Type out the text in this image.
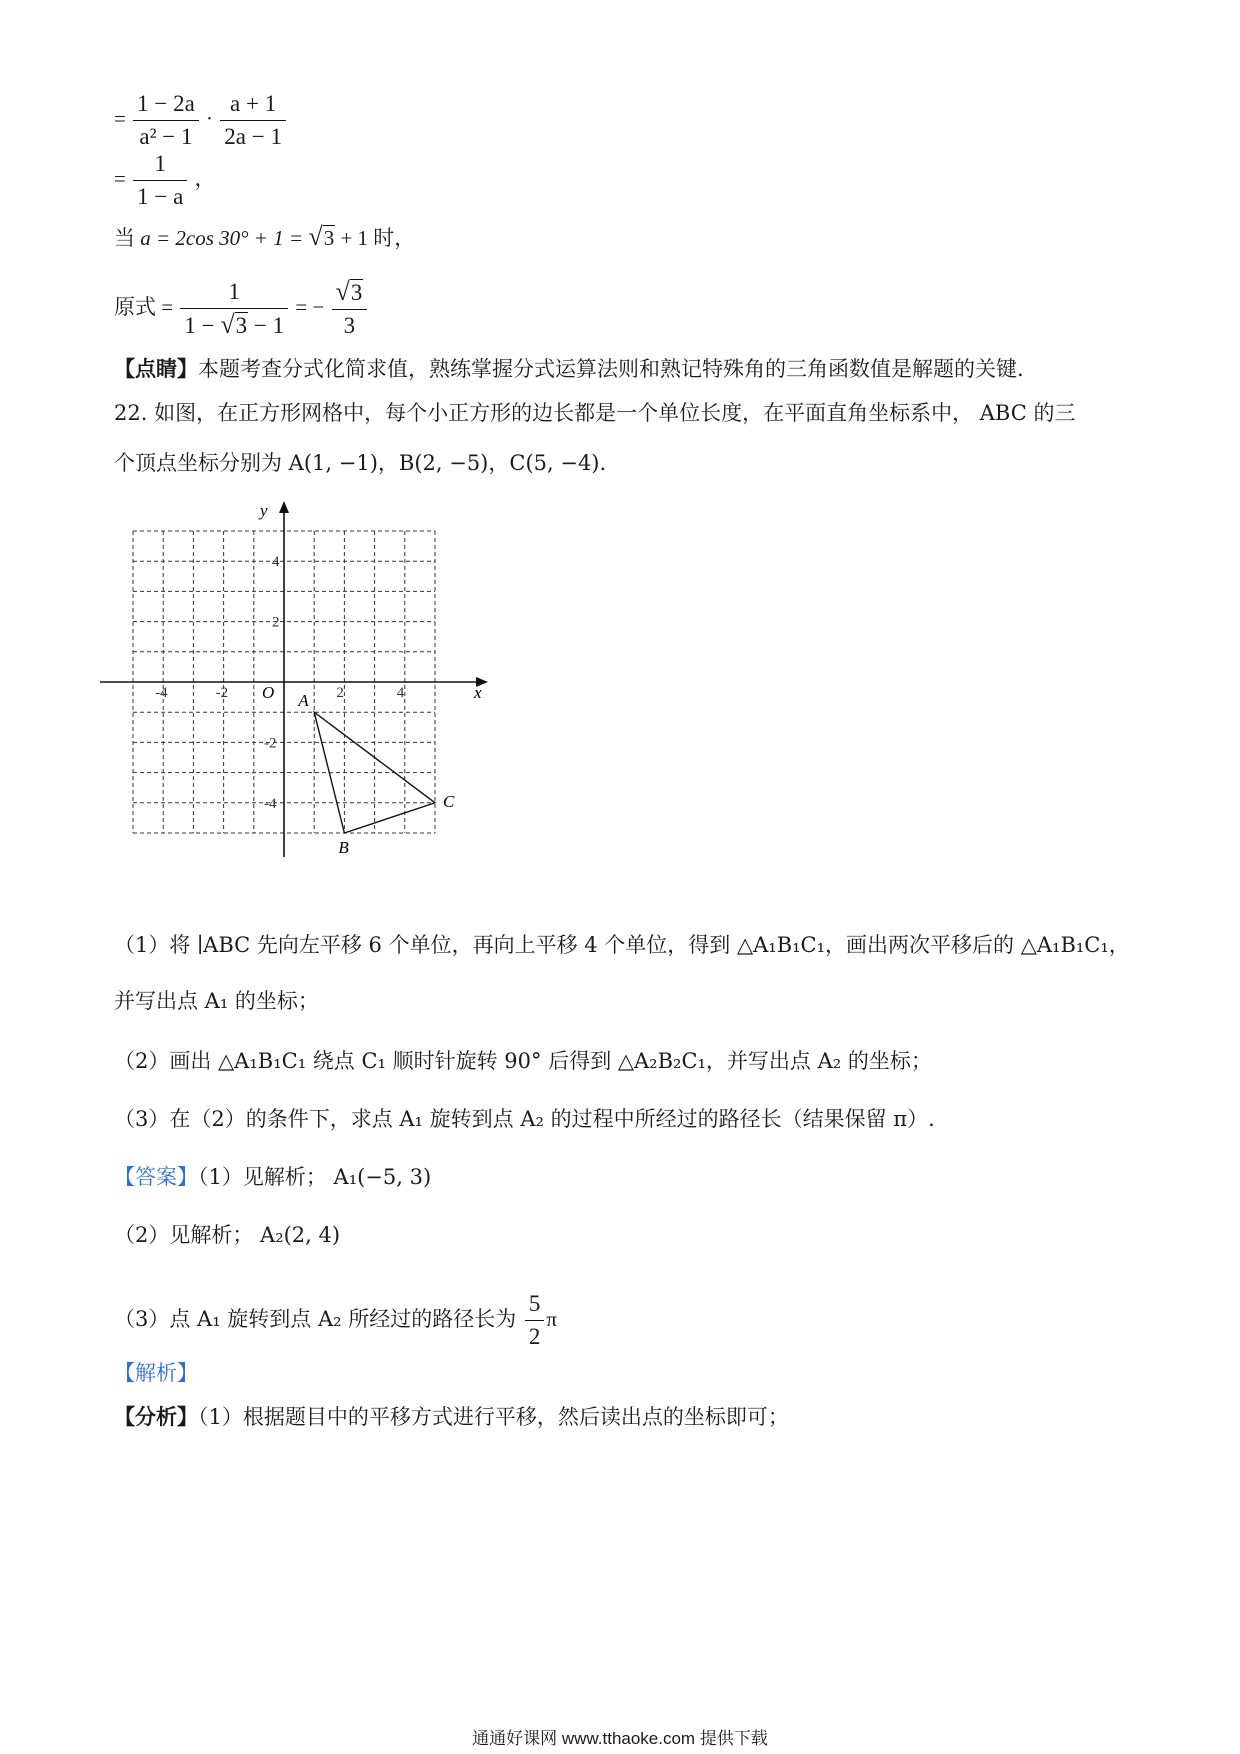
= $\frac{1 - 2a}{\text{a² − 1}} \cdot \frac{a + 1}{2a - 1}$
= $\frac{1}{1 - a}$ ，
当 a = 2cos 30° + 1 = √3 + 1 时，
原式 = $\frac{1}{1 - √3 - 1}$ = − $\frac{√3}{3}$
【点睛】本题考查分式化简求值，熟练掌握分式运算法则和熟记特殊角的三角函数值是解题的关键.
22. 如图，在正方形网格中，每个小正方形的边长都是一个单位长度，在平面直角坐标系中， ABC 的三
个顶点坐标分别为 A(1, −1)，B(2, −5)，C(5, −4).
x
y
O
-4	-2	2	4
4
2
-2
-4
A
B
C
（1）将 ∣ABC 先向左平移 6 个单位，再向上平移 4 个单位，得到 △A₁B₁C₁，画出两次平移后的 △A₁B₁C₁，
并写出点 A₁ 的坐标；
（2）画出 △A₁B₁C₁ 绕点 C₁ 顺时针旋转 90° 后得到 △A₂B₂C₁，并写出点 A₂ 的坐标；
（3）在（2）的条件下，求点 A₁ 旋转到点 A₂ 的过程中所经过的路径长（结果保留 π）.
【答案】（1）见解析； A₁(−5, 3)
（2）见解析； A₂(2, 4)
（3）点 A₁ 旋转到点 A₂ 所经过的路径长为 $\frac{5}{2}$ π
【解析】
【分析】（1）根据题目中的平移方式进行平移，然后读出点的坐标即可；
通通好课网 www.tthaoke.com 提供下载
